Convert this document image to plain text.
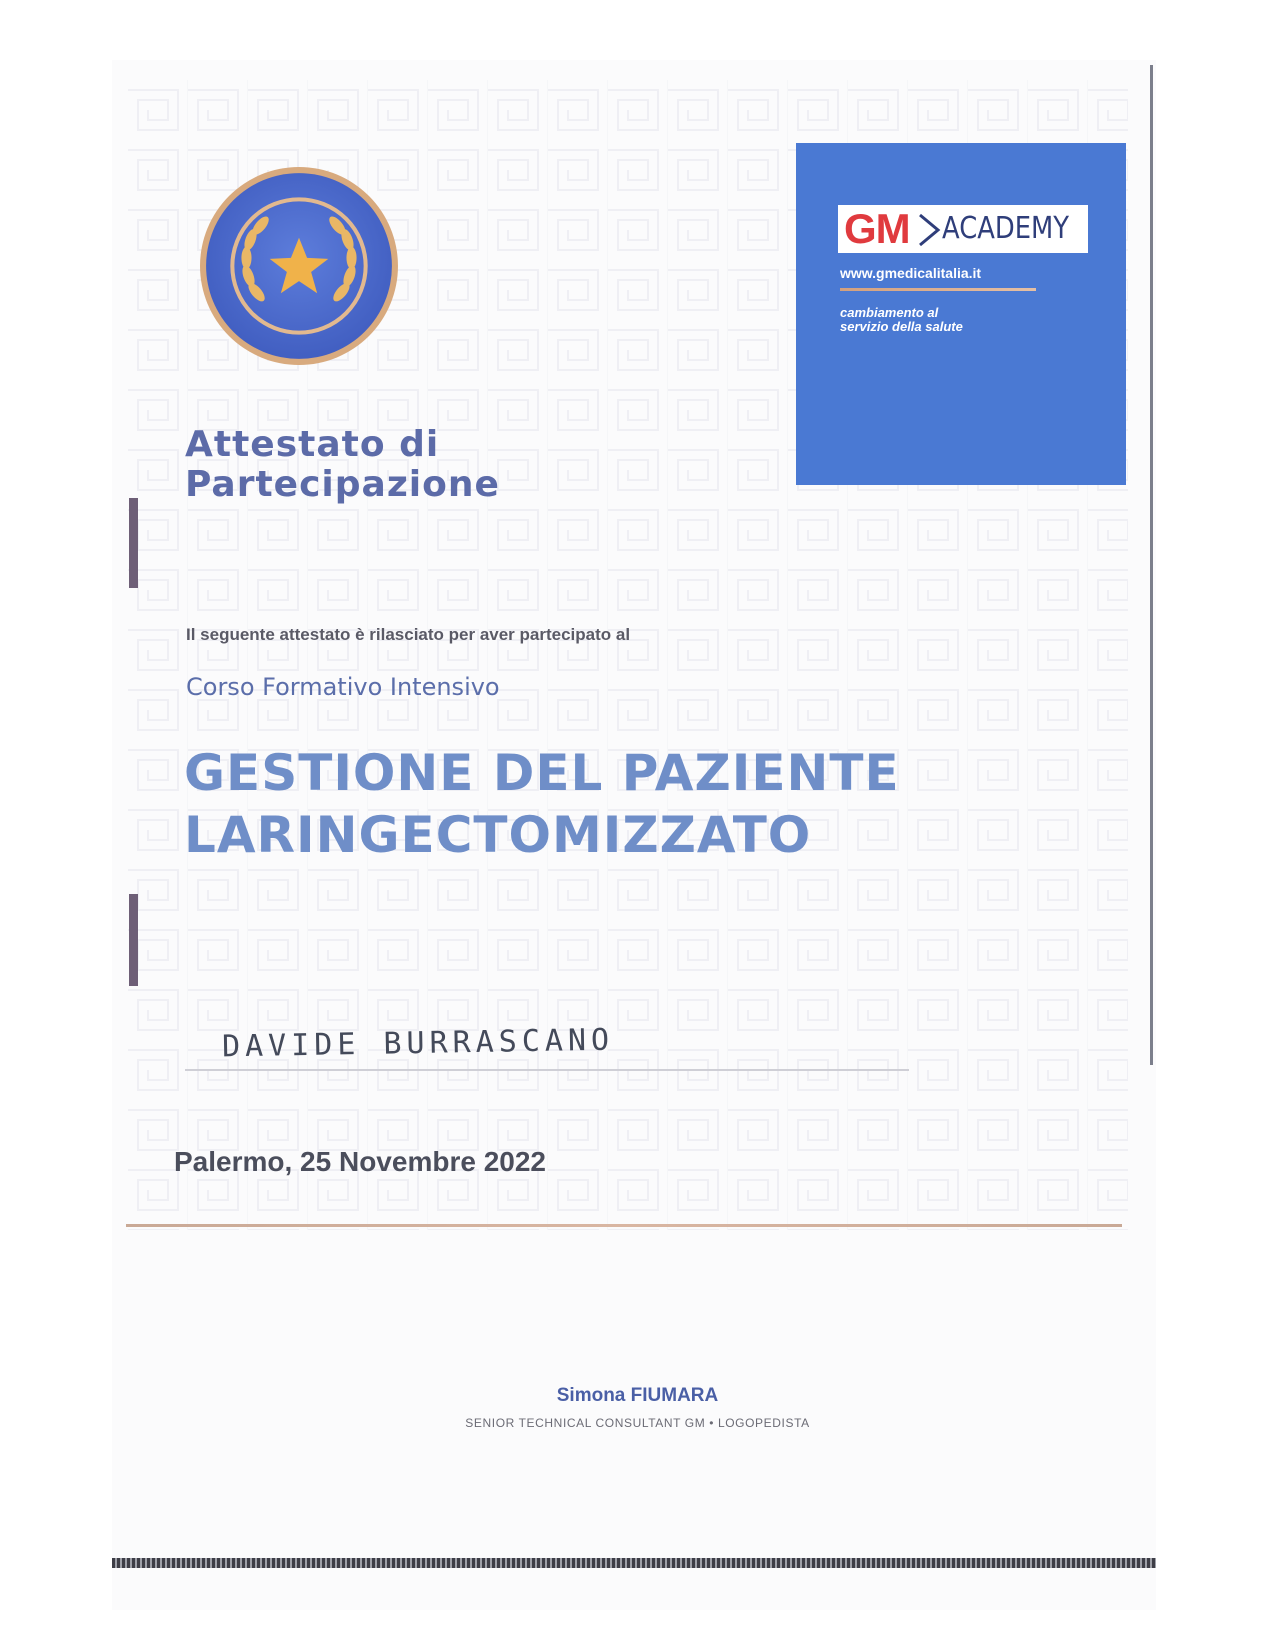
GM ACADEMY
www.gmedicalitalia.it
cambiamento al
servizio della salute
Attestato di
Partecipazione
Il seguente attestato è rilasciato per aver partecipato al
Corso Formativo Intensivo
GESTIONE DEL PAZIENTE
LARINGECTOMIZZATO
DAVIDE BURRASCANO
Palermo, 25 Novembre 2022
Simona FIUMARA
SENIOR TECHNICAL CONSULTANT GM • LOGOPEDISTA
